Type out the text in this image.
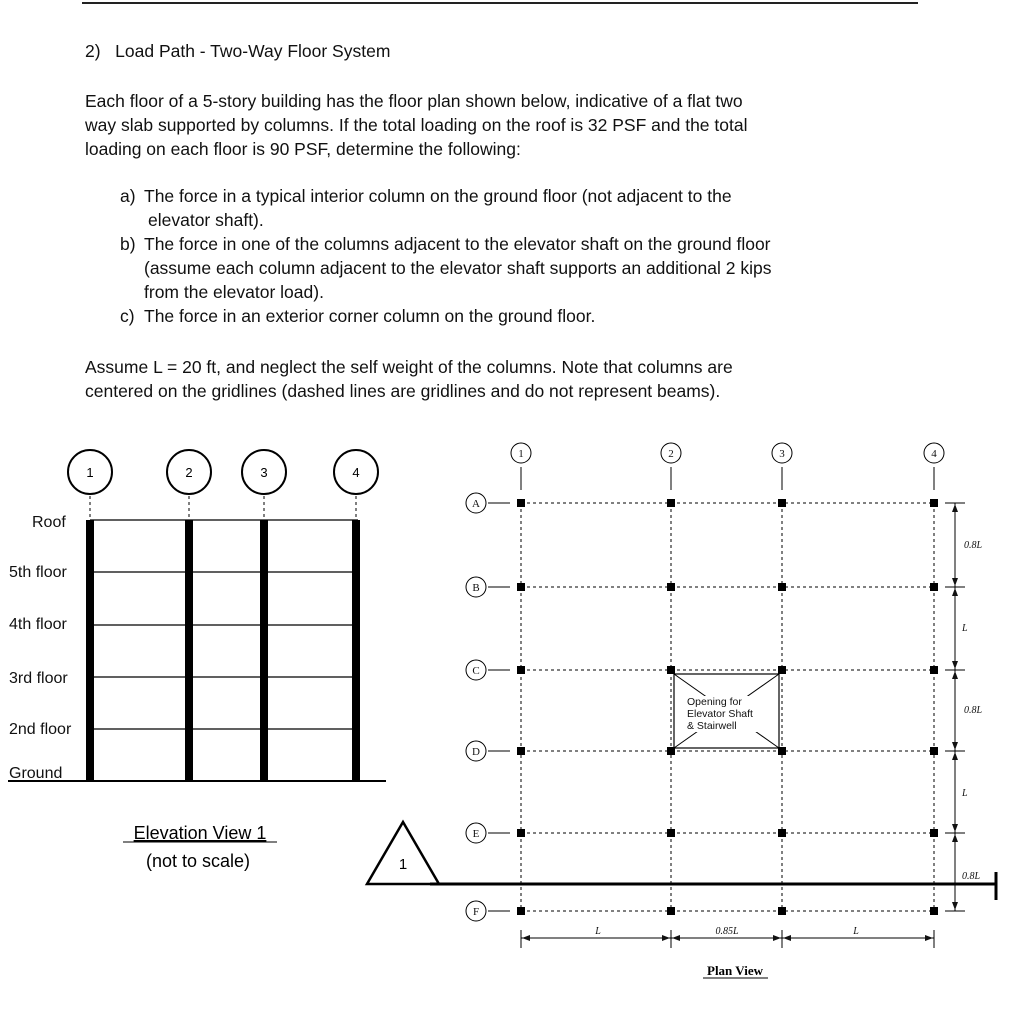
2) Load Path - Two-Way Floor System

Each floor of a 5-story building has the floor plan shown below, indicative of a flat two
way slab supported by columns. If the total loading on the roof is 32 PSF and the total
loading on each floor is 90 PSF, determine the following:

a) The force in a typical interior column on the ground floor (not adjacent to the
elevator shaft).

b) The force in one of the columns adjacent to the elevator shaft on the ground floor
(assume each column adjacent to the elevator shaft supports an additional 2 kips
from the elevator load).

c) The force in an exterior corner column on the ground floor.

Assume L = 20 ft, and neglect the self weight of the columns. Note that columns are
centered on the gridlines (dashed lines are gridlines and do not represent beams).

1	2	3	4
Roof
5th floor
4th floor
3rd floor
2nd floor
Ground
Elevation View 1
(not to scale)	1
1	2	3	4
A
B
C
D
E
F
Opening for Elevator Shaft & Stairwell
0.8L
L
0.8L
L
0.8L
L	0.85L	L
Plan View
